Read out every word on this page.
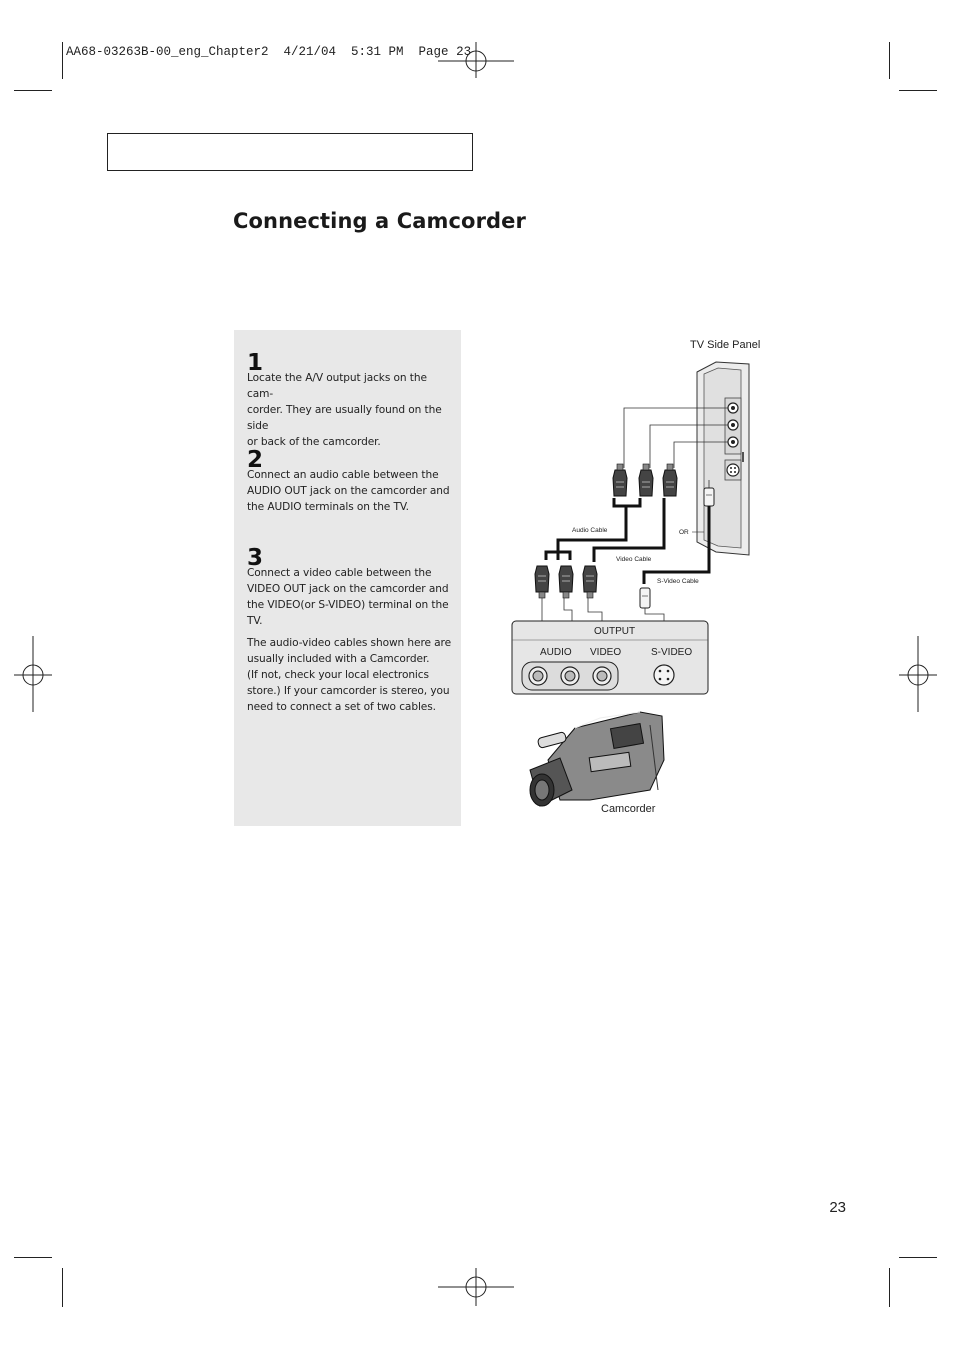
AA68-03263B-00_eng_Chapter2  4/21/04  5:31 PM  Page 23
Connecting a Camcorder
1
Locate the A/V output jacks on the cam-
corder. They are usually found on the side
or back of the camcorder.
2
Connect an audio cable between the
AUDIO OUT jack on the camcorder and
the AUDIO terminals on the TV.
3
Connect a video cable between the
VIDEO OUT jack on the camcorder and
the VIDEO(or S-VIDEO) terminal on the
TV.
The audio-video cables shown here are
usually included with a Camcorder.
(If not, check your local electronics
store.) If your camcorder is stereo, you
need to connect a set of two cables.
Audio Cable
Video Cable
OR
S-Video Cable
OUTPUT
AUDIO VIDEO	S-VIDEO
TV Side Panel
Camcorder
23
